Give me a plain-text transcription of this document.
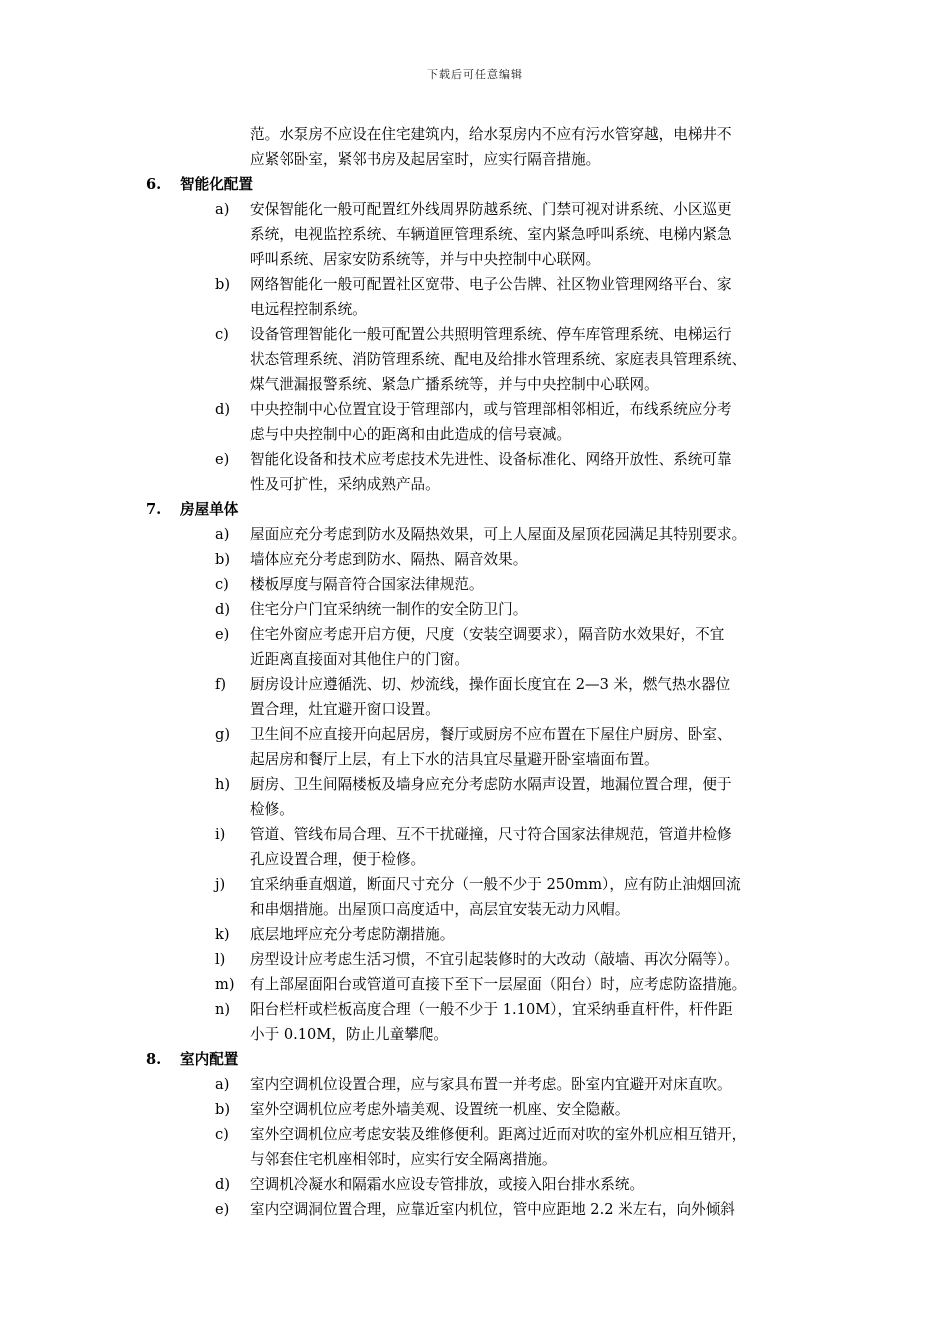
下载后可任意编辑
范。水泵房不应设在住宅建筑内，给水泵房内不应有污水管穿越，电梯井不
应紧邻卧室，紧邻书房及起居室时，应实行隔音措施。
6. 智能化配置
a) 安保智能化一般可配置红外线周界防越系统、门禁可视对讲系统、小区巡更
系统，电视监控系统、车辆道匣管理系统、室内紧急呼叫系统、电梯内紧急
呼叫系统、居家安防系统等，并与中央控制中心联网。
b) 网络智能化一般可配置社区宽带、电子公告牌、社区物业管理网络平台、家
电远程控制系统。
c) 设备管理智能化一般可配置公共照明管理系统、停车库管理系统、电梯运行
状态管理系统、消防管理系统、配电及给排水管理系统、家庭表具管理系统、
煤气泄漏报警系统、紧急广播系统等，并与中央控制中心联网。
d) 中央控制中心位置宜设于管理部内，或与管理部相邻相近，布线系统应分考
虑与中央控制中心的距离和由此造成的信号衰减。
e) 智能化设备和技术应考虑技术先进性、设备标准化、网络开放性、系统可靠
性及可扩性，采纳成熟产品。
7. 房屋单体
a) 屋面应充分考虑到防水及隔热效果，可上人屋面及屋顶花园满足其特别要求。
b) 墙体应充分考虑到防水、隔热、隔音效果。
c) 楼板厚度与隔音符合国家法律规范。
d) 住宅分户门宜采纳统一制作的安全防卫门。
e) 住宅外窗应考虑开启方便，尺度（安装空调要求），隔音防水效果好，不宜
近距离直接面对其他住户的门窗。
f) 厨房设计应遵循洗、切、炒流线，操作面长度宜在 2—3 米，燃气热水器位
置合理，灶宜避开窗口设置。
g) 卫生间不应直接开向起居房，餐厅或厨房不应布置在下屋住户厨房、卧室、
起居房和餐厅上层，有上下水的洁具宜尽量避开卧室墙面布置。
h) 厨房、卫生间隔楼板及墙身应充分考虑防水隔声设置，地漏位置合理，便于
检修。
i) 管道、管线布局合理、互不干扰碰撞，尺寸符合国家法律规范，管道井检修
孔应设置合理，便于检修。
j) 宜采纳垂直烟道，断面尺寸充分（一般不少于 250mm），应有防止油烟回流
和串烟措施。出屋顶口高度适中，高层宜安装无动力风帽。
k) 底层地坪应充分考虑防潮措施。
l) 房型设计应考虑生活习惯，不宜引起装修时的大改动（敲墙、再次分隔等）。
m) 有上部屋面阳台或管道可直接下至下一层屋面（阳台）时，应考虑防盗措施。
n) 阳台栏杆或栏板高度合理（一般不少于 1.10M），宜采纳垂直杆件，杆件距
小于 0.10M，防止儿童攀爬。
8. 室内配置
a) 室内空调机位设置合理，应与家具布置一并考虑。卧室内宜避开对床直吹。
b) 室外空调机位应考虑外墙美观、设置统一机座、安全隐蔽。
c) 室外空调机位应考虑安装及维修便利。距离过近而对吹的室外机应相互错开，
与邻套住宅机座相邻时，应实行安全隔离措施。
d) 空调机冷凝水和隔霜水应设专管排放，或接入阳台排水系统。
e) 室内空调洞位置合理，应靠近室内机位，管中应距地 2.2 米左右，向外倾斜
